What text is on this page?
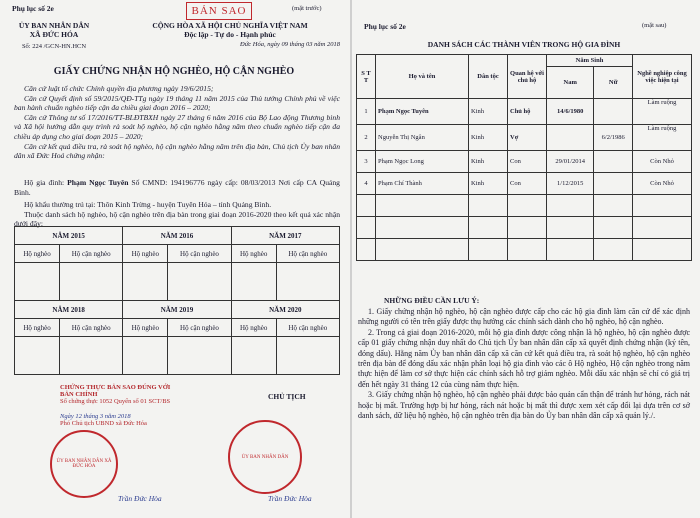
Phụ lục số 2e	BẢN SAO	(mặt trước)
ỦY BAN NHÂN DÂN
XÃ ĐỨC HÓA
Số: 224 /GCN-HN.HCN
CỘNG HÒA XÃ HỘI CHỦ NGHĨA VIỆT NAM
Độc lập - Tự do - Hạnh phúc
Đức Hóa, ngày 09 tháng 03 năm 2018
GIẤY CHỨNG NHẬN HỘ NGHÈO, HỘ CẬN NGHÈO
Căn cứ luật tổ chức Chính quyền địa phương ngày 19/6/2015;
Căn cứ Quyết định số 59/2015/QĐ-TTg ngày 19 tháng 11 năm 2015 của Thủ tướng Chính phủ về việc ban hành chuẩn nghèo tiếp cận đa chiều giai đoạn 2016 – 2020;
Căn cứ Thông tư số 17/2016/TT-BLĐTBXH ngày 27 tháng 6 năm 2016 của Bộ Lao động Thương binh và Xã hội hướng dẫn quy trình rà soát hộ nghèo, hộ cận nghèo hằng năm theo chuẩn nghèo tiếp cận đa chiều áp dụng cho giai đoạn 2015 – 2020;
Căn cứ kết quả điều tra, rà soát hộ nghèo, hộ cận nghèo hằng năm trên địa bàn, Chủ tịch Ủy ban nhân dân xã Đức Hoá chứng nhận:
Hộ gia đình: Phạm Ngọc Tuyên Số CMND: 194196776 ngày cấp: 08/03/2013 Nơi cấp CA Quảng Bình.
Hộ khẩu thường trú tại: Thôn Kinh Trừng - huyện Tuyên Hóa – tỉnh Quảng Bình.
Thuộc danh sách hộ nghèo, hộ cận nghèo trên địa bàn trong giai đoạn 2016-2020 theo kết quả xác nhận dưới đây:
NĂM 2015		NĂM 2016		NĂM 2017	
Hộ nghèo	Hộ cận nghèo	Hộ nghèo	Hộ cận nghèo	Hộ nghèo	Hộ cận nghèo

NĂM 2018		NĂM 2019		NĂM 2020	
Hộ nghèo	Hộ cận nghèo	Hộ nghèo	Hộ cận nghèo	Hộ nghèo	Hộ cận nghèo

CHỨNG THỰC BẢN SAO ĐÚNG VỚI BẢN CHÍNH
Số chứng thực 1052 Quyển số 01 SCT/BS
Ngày 12 tháng 3 năm 2018
Phó Chủ tịch UBND xã Đức Hóa
ỦY BAN NHÂN DÂN XÃ ĐỨC HÓA
Trần Đức Hòa
CHỦ TỊCH
ỦY BAN NHÂN DÂN
Trần Đức Hòa
Phụ lục số 2e	(mặt sau)
DANH SÁCH CÁC THÀNH VIÊN TRONG HỘ GIA ĐÌNH
S T T	Họ và tên	Dân tộc	Quan hệ với chủ hộ	Năm Sinh		Nghề nghiệp công việc hiện tại
				Nam	Nữ	
1	Phạm Ngọc Tuyên	Kinh	Chủ hộ	14/6/1980		Làm ruộng
2	Nguyễn Thị Ngân	Kinh	Vợ		6/2/1986	Làm ruộng
3	Phạm Ngọc Long	Kinh	Con	29/01/2014		Còn Nhỏ
4	Phạm Chí Thành	Kinh	Con	1/12/2015		Còn Nhỏ

NHỮNG ĐIỀU CẦN LƯU Ý:
1. Giấy chứng nhận hộ nghèo, hộ cận nghèo được cấp cho các hộ gia đình làm căn cứ để xác định những người có tên trên giấy được thụ hưởng các chính sách dành cho hộ nghèo, hộ cận nghèo.
2. Trong cả giai đoạn 2016-2020, mỗi hộ gia đình được công nhận là hộ nghèo, hộ cận nghèo được cấp 01 giấy chứng nhận duy nhất do Chủ tịch Ủy ban nhân dân cấp xã quyết định chứng nhận (ký tên, đóng dấu). Hằng năm Ủy ban nhân dân cấp xã căn cứ kết quả điều tra, rà soát hộ nghèo, hộ cận nghèo trên địa bàn để đóng dấu xác nhận phân loại hộ gia đình vào các ô Hộ nghèo, Hộ cận nghèo trong năm thực hiện để làm cơ sở thực hiện các chính sách hỗ trợ giảm nghèo. Mỗi dấu xác nhận sẽ chỉ có giá trị đến hết ngày 31 tháng 12 của cùng năm thực hiện.
3. Giấy chứng nhận hộ nghèo, hộ cận nghèo phải được bảo quản cẩn thận để tránh hư hỏng, rách nát hoặc bị mất. Trường hợp bị hư hỏng, rách nát hoặc bị mất thì được xem xét cấp đổi lại dựa trên cơ sở danh sách, dữ liệu hộ nghèo, hộ cận nghèo trên địa bàn do Ủy ban nhân dân cấp xã quản lý./.
